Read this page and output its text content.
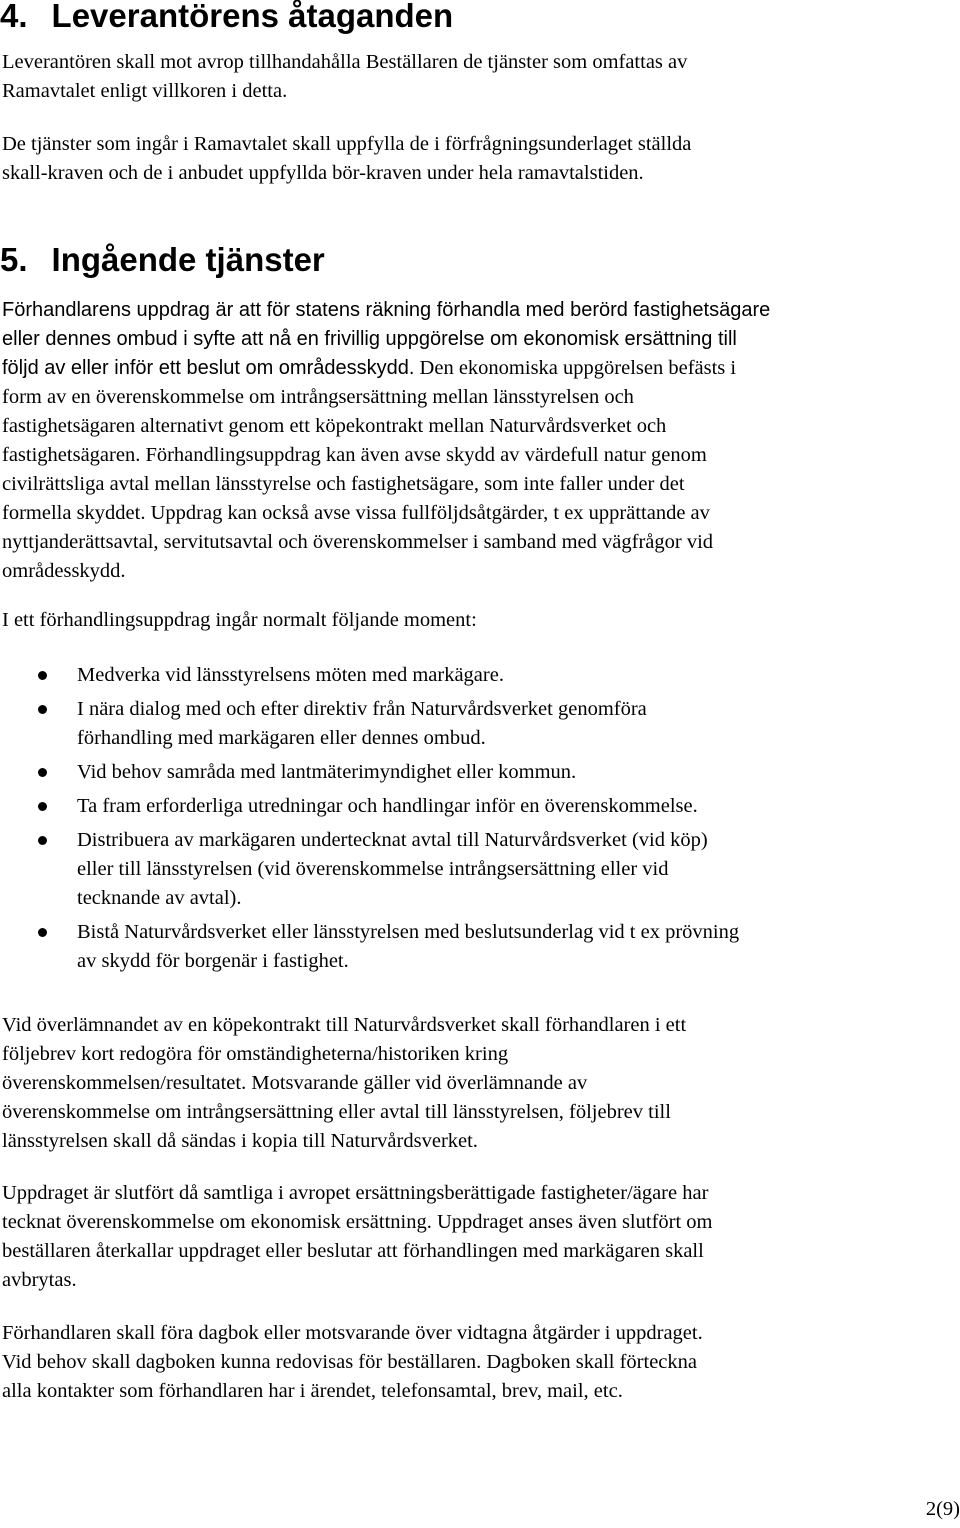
4. Leverantörens åtaganden

Leverantören skall mot avrop tillhandahålla Beställaren de tjänster som omfattas av
Ramavtalet enligt villkoren i detta.

De tjänster som ingår i Ramavtalet skall uppfylla de i förfrågningsunderlaget ställda
skall-kraven och de i anbudet uppfyllda bör-kraven under hela ramavtalstiden.

5. Ingående tjänster

Förhandlarens uppdrag är att för statens räkning förhandla med berörd fastighetsägare
eller dennes ombud i syfte att nå en frivillig uppgörelse om ekonomisk ersättning till
följd av eller inför ett beslut om områdesskydd. Den ekonomiska uppgörelsen befästs i
form av en överenskommelse om intrångsersättning mellan länsstyrelsen och
fastighetsägaren alternativt genom ett köpekontrakt mellan Naturvårdsverket och
fastighetsägaren. Förhandlingsuppdrag kan även avse skydd av värdefull natur genom
civilrättsliga avtal mellan länsstyrelse och fastighetsägare, som inte faller under det
formella skyddet. Uppdrag kan också avse vissa fullföljdsåtgärder, t ex upprättande av
nyttjanderättsavtal, servitutsavtal och överenskommelser i samband med vägfrågor vid
områdesskydd.

I ett förhandlingsuppdrag ingår normalt följande moment:

Medverka vid länsstyrelsens möten med markägare.
I nära dialog med och efter direktiv från Naturvårdsverket genomföra
förhandling med markägaren eller dennes ombud.
Vid behov samråda med lantmäterimyndighet eller kommun.
Ta fram erforderliga utredningar och handlingar inför en överenskommelse.
Distribuera av markägaren undertecknat avtal till Naturvårdsverket (vid köp)
eller till länsstyrelsen (vid överenskommelse intrångsersättning eller vid
tecknande av avtal).
Bistå Naturvårdsverket eller länsstyrelsen med beslutsunderlag vid t ex prövning
av skydd för borgenär i fastighet.

Vid överlämnandet av en köpekontrakt till Naturvårdsverket skall förhandlaren i ett
följebrev kort redogöra för omständigheterna/historiken kring
överenskommelsen/resultatet. Motsvarande gäller vid överlämnande av
överenskommelse om intrångsersättning eller avtal till länsstyrelsen, följebrev till
länsstyrelsen skall då sändas i kopia till Naturvårdsverket.

Uppdraget är slutfört då samtliga i avropet ersättningsberättigade fastigheter/ägare har
tecknat överenskommelse om ekonomisk ersättning. Uppdraget anses även slutfört om
beställaren återkallar uppdraget eller beslutar att förhandlingen med markägaren skall
avbrytas.

Förhandlaren skall föra dagbok eller motsvarande över vidtagna åtgärder i uppdraget.
Vid behov skall dagboken kunna redovisas för beställaren. Dagboken skall förteckna
alla kontakter som förhandlaren har i ärendet, telefonsamtal, brev, mail, etc.

2(9)
